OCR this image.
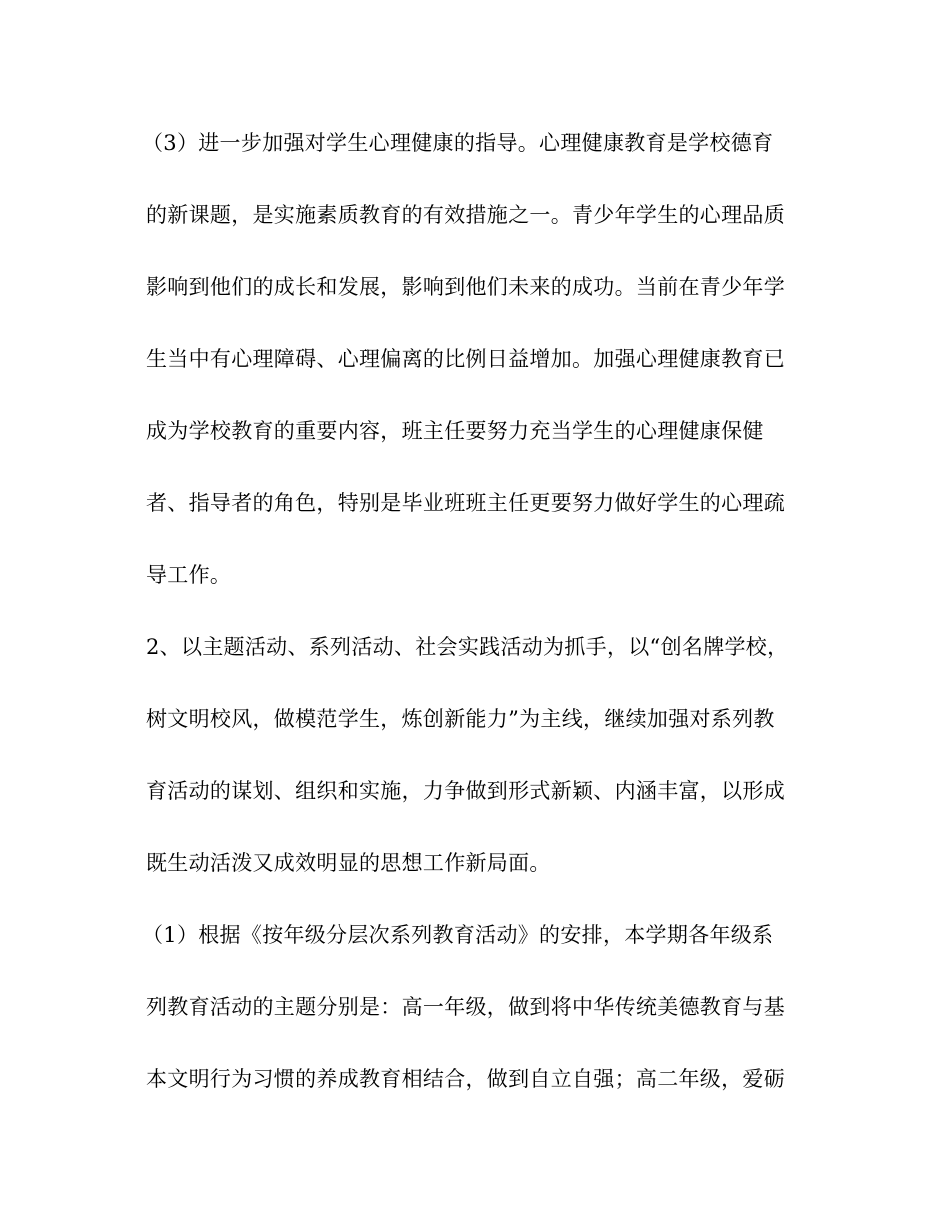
（3）进一步加强对学生心理健康的指导。心理健康教育是学校德育
的新课题，是实施素质教育的有效措施之一。青少年学生的心理品质
影响到他们的成长和发展，影响到他们未来的成功。当前在青少年学
生当中有心理障碍、心理偏离的比例日益增加。加强心理健康教育已
成为学校教育的重要内容，班主任要努力充当学生的心理健康保健
者、指导者的角色，特别是毕业班班主任更要努力做好学生的心理疏
导工作。
2、以主题活动、系列活动、社会实践活动为抓手，以“创名牌学校，
树文明校风，做模范学生，炼创新能力”为主线，继续加强对系列教
育活动的谋划、组织和实施，力争做到形式新颖、内涵丰富，以形成
既生动活泼又成效明显的思想工作新局面。
（1）根据《按年级分层次系列教育活动》的安排，本学期各年级系
列教育活动的主题分别是：高一年级，做到将中华传统美德教育与基
本文明行为习惯的养成教育相结合，做到自立自强；高二年级，爱砺
